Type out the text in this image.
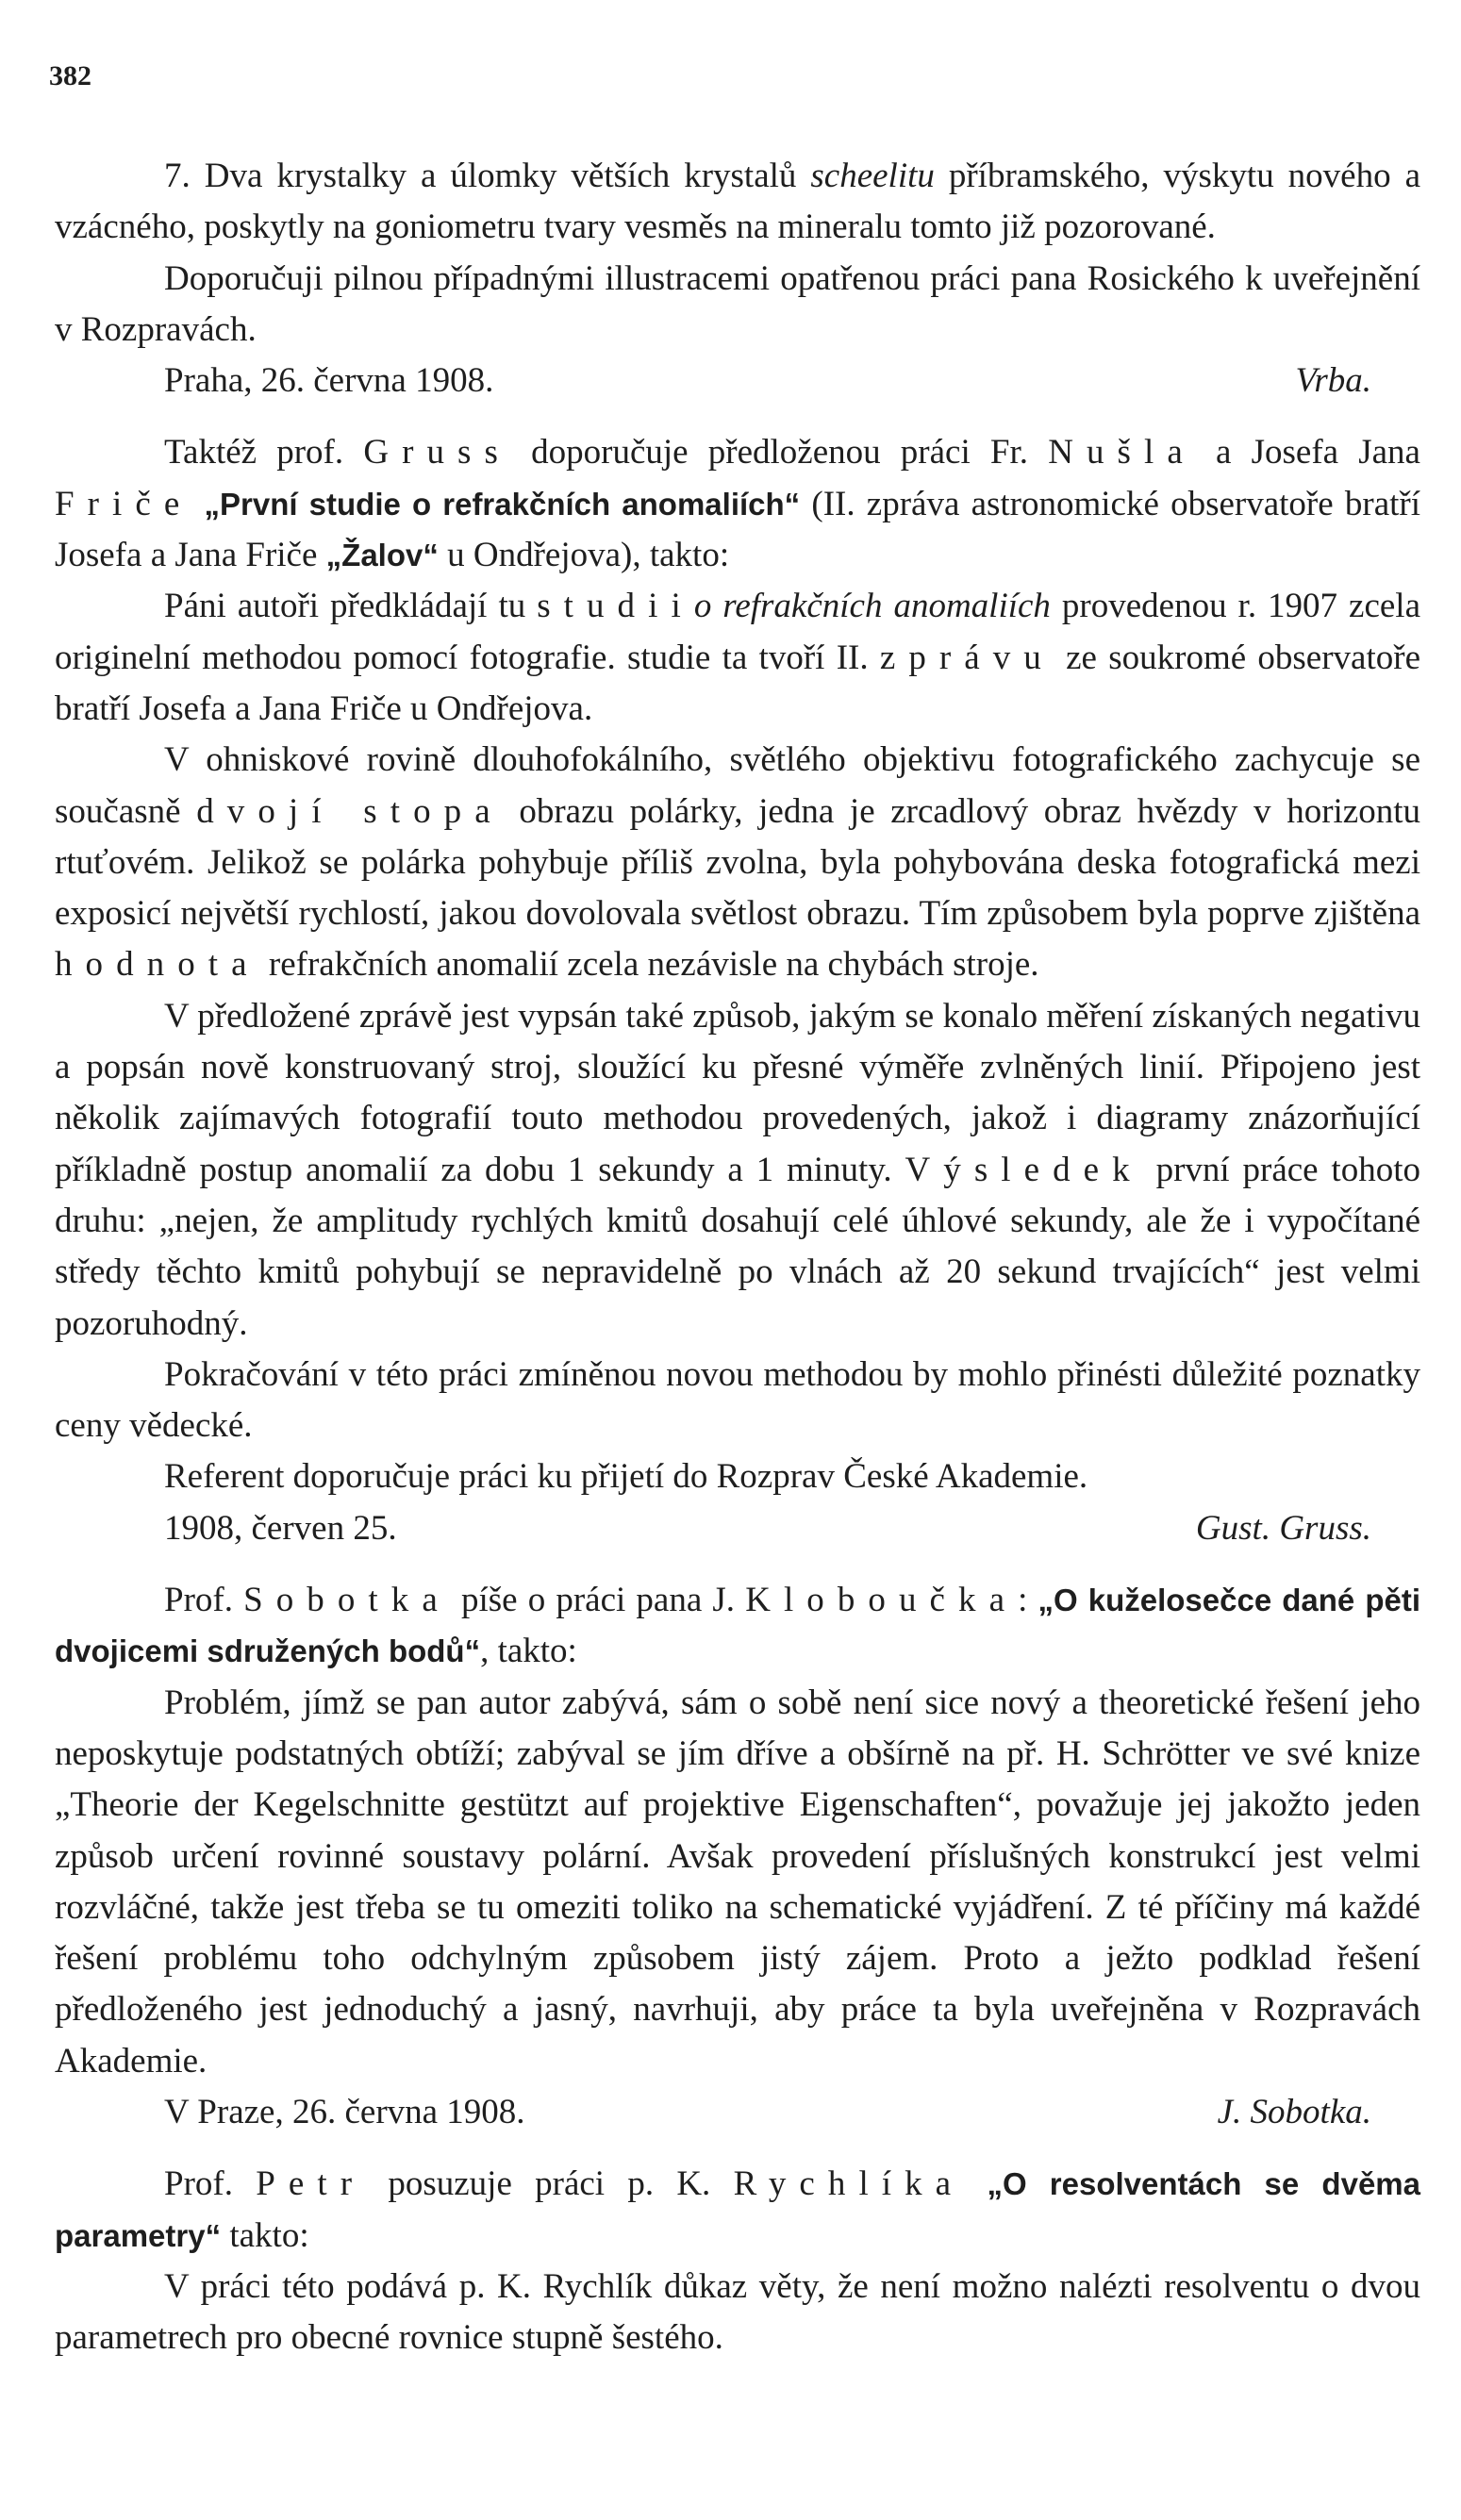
382

7. Dva krystalky a úlomky větších krystalů scheelitu příbramského, výskytu nového a vzácného, poskytly na goniometru tvary vesměs na mineralu tomto již pozorované.

Doporučuji pilnou případnými illustracemi opatřenou práci pana Rosického k uveřejnění v Rozpravách.

Praha, 26. června 1908.	Vrba.

Taktéž prof. Gruss doporučuje předloženou práci Fr. Nušla a Josefa Jana Friče „První studie o refrakčních anomaliích“ (II. zpráva astronomické observatoře bratří Josefa a Jana Friče „Žalov“ u Ondřejova), takto:

Páni autoři předkládají tu studiio refrakčních anomaliích provedenou r. 1907 zcela originelní methodou pomocí fotografie. studie ta tvoří II. zprávu ze soukromé observatoře bratří Josefa a Jana Friče u Ondřejova.

V ohniskové rovině dlouhofokálního, světlého objektivu fotografického zachycuje se současně dvojí stopa obrazu polárky, jedna je zrcadlový obraz hvězdy v horizontu rtuťovém. Jelikož se polárka pohybuje příliš zvolna, byla pohybována deska fotografická mezi exposicí největší rychlostí, jakou dovolovala světlost obrazu. Tím způsobem byla poprve zjištěna hodnota refrakčních anomalií zcela nezávisle na chybách stroje.

V předložené zprávě jest vypsán také způsob, jakým se konalo měření získaných negativu a popsán nově konstruovaný stroj, sloužící ku přesné výměře zvlněných linií. Připojeno jest několik zajímavých fotografií touto methodou provedených, jakož i diagramy znázorňující příkladně postup anomalií za dobu 1 sekundy a 1 minuty. Výsledek první práce tohoto druhu: „nejen, že amplitudy rychlých kmitů dosahují celé úhlové sekundy, ale že i vypočítané středy těchto kmitů pohybují se nepravidelně po vlnách až 20 sekund trvajících“ jest velmi pozoruhodný.

Pokračování v této práci zmíněnou novou methodou by mohlo přinésti důležité poznatky ceny vědecké.

Referent doporučuje práci ku přijetí do Rozprav České Akademie.

1908, červen 25.	Gust. Gruss.

Prof. Sobotka píše o práci pana J. Kloboučka: „O kuželosečce dané pěti dvojicemi sdružených bodů“, takto:

Problém, jímž se pan autor zabývá, sám o sobě není sice nový a theoretické řešení jeho neposkytuje podstatných obtíží; zabýval se jím dříve a obšírně na př. H. Schrötter ve své knize „Theorie der Kegelschnitte gestützt auf projektive Eigenschaften“, považuje jej jakožto jeden způsob určení rovinné soustavy polární. Avšak provedení příslušných konstrukcí jest velmi rozvláčné, takže jest třeba se tu omeziti toliko na schematické vyjádření. Z té příčiny má každé řešení problému toho odchylným způsobem jistý zájem. Proto a ježto podklad řešení předloženého jest jednoduchý a jasný, navrhuji, aby práce ta byla uveřejněna v Rozpravách Akademie.

V Praze, 26. června 1908.	J. Sobotka.

Prof. Petr posuzuje práci p. K. Rychlíka „O resolventách se dvěma parametry“ takto:

V práci této podává p. K. Rychlík důkaz věty, že není možno nalézti resolventu o dvou parametrech pro obecné rovnice stupně šestého.
